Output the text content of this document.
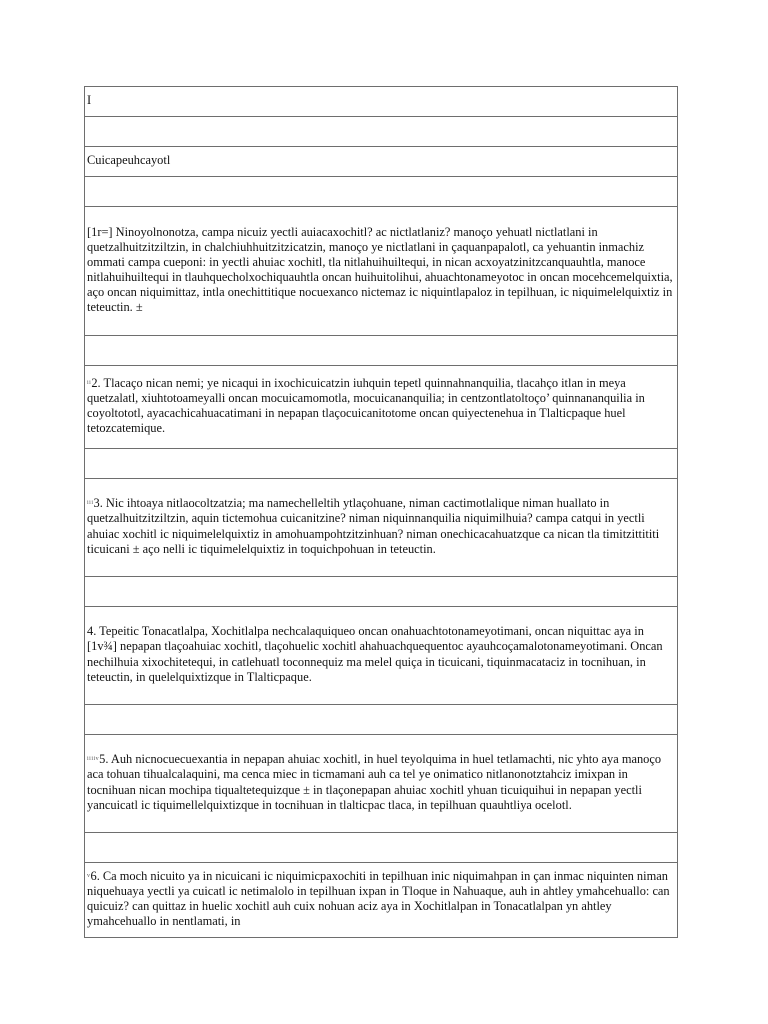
I

Cuicapeuhcayotl

[1r=] Ninoyolnonotza, campa nicuiz yectli auiacaxochitl? ac nictlatlaniz? manoço yehuatl nictlatlani in quetzalhuitzitziltzin, in chalchiuhhuitzitzicatzin, manoço ye nictlatlani in çaquanpapalotl, ca yehuantin inmachiz ommati campa cueponi: in yectli ahuiac xochitl, tla nitlahuihuiltequi, in nican acxoyatzinitzcanquauhtla, manoce nitlahuihuiltequi in tlauhquecholxochiquauhtla oncan huihuitolihui, ahuachtonameyotoc in oncan mocehcemelquixtia, aço oncan niquimittaz, intla onechittitique nocuexanco nictemaz ic niquintlapaloz in tepilhuan, ic niquimelelquixtiz in teteuctin. ±

$^{ii}$2. Tlacaço nican nemi; ye nicaqui in ixochicuicatzin iuhquin tepetl quinnahnanquilia, tlacahço itlan in meya quetzalatl, xiuhtotoameyalli oncan mocuicamomotla, mocuicananquilia; in centzontlatoltoço’ quinnananquilia in coyoltototl, ayacachicahuacatimani in nepapan tlaçocuicanitotome oncan quiyectenehua in Tlalticpaque huel tetozcatemique.

$^{iii}$3. Nic ihtoaya nitlaocoltzatzia; ma namechelleltih ytlaçohuane, niman cactimotlalique niman huallato in quetzalhuitzitziltzin, aquin tictemohua cuicanitzine? niman niquinnanquilia niquimilhuia? campa catqui in yectli ahuiac xochitl ic niquimelelquixtiz in amohuampohtzitzinhuan? niman onechicacahuatzque ca nican tla timitzittititi ticuicani ± aço nelli ic tiquimelelquixtiz in toquichpohuan in teteuctin.

4. Tepeitic Tonacatlalpa, Xochitlalpa nechcalaquiqueo oncan onahuachtotonameyotimani, oncan niquittac aya in [1v¾] nepapan tlaçoahuiac xochitl, tlaçohuelic xochitl ahahuachquequentoc ayauhcoçamalotonameyotimani. Oncan nechilhuia xixochitetequi, in catlehuatl toconnequiz ma melel quiça in ticuicani, tiquinmacataciz in tocnihuan, in teteuctin, in quelelquixtizque in Tlalticpaque.

$^{iiiiv}$5. Auh nicnocuecuexantia in nepapan ahuiac xochitl, in huel teyolquima in huel tetlamachti, nic yhto aya manoço aca tohuan tihualcalaquini, ma cenca miec in ticmamani auh ca tel ye onimatico nitlanonotztahciz imixpan in tocnihuan nican mochipa tiqualtetequizque ± in tlaçonepapan ahuiac xochitl yhuan ticuiquihui in nepapan yectli yancuicatl ic tiquimellelquixtizque in tocnihuan in tlalticpac tlaca, in tepilhuan quauhtliya ocelotl.

$^v$6. Ca moch nicuito ya in nicuicani ic niquimicpaxochiti in tepilhuan inic niquimahpan in çan inmac niquinten niman niquehuaya yectli ya cuicatl ic netimalolo in tepilhuan ixpan in Tloque in Nahuaque, auh in ahtley ymahcehuallo: can quicuiz? can quittaz in huelic xochitl auh cuix nohuan aciz aya in Xochitlalpan in Tonacatlalpan yn ahtley ymahcehuallo in nentlamati, in
